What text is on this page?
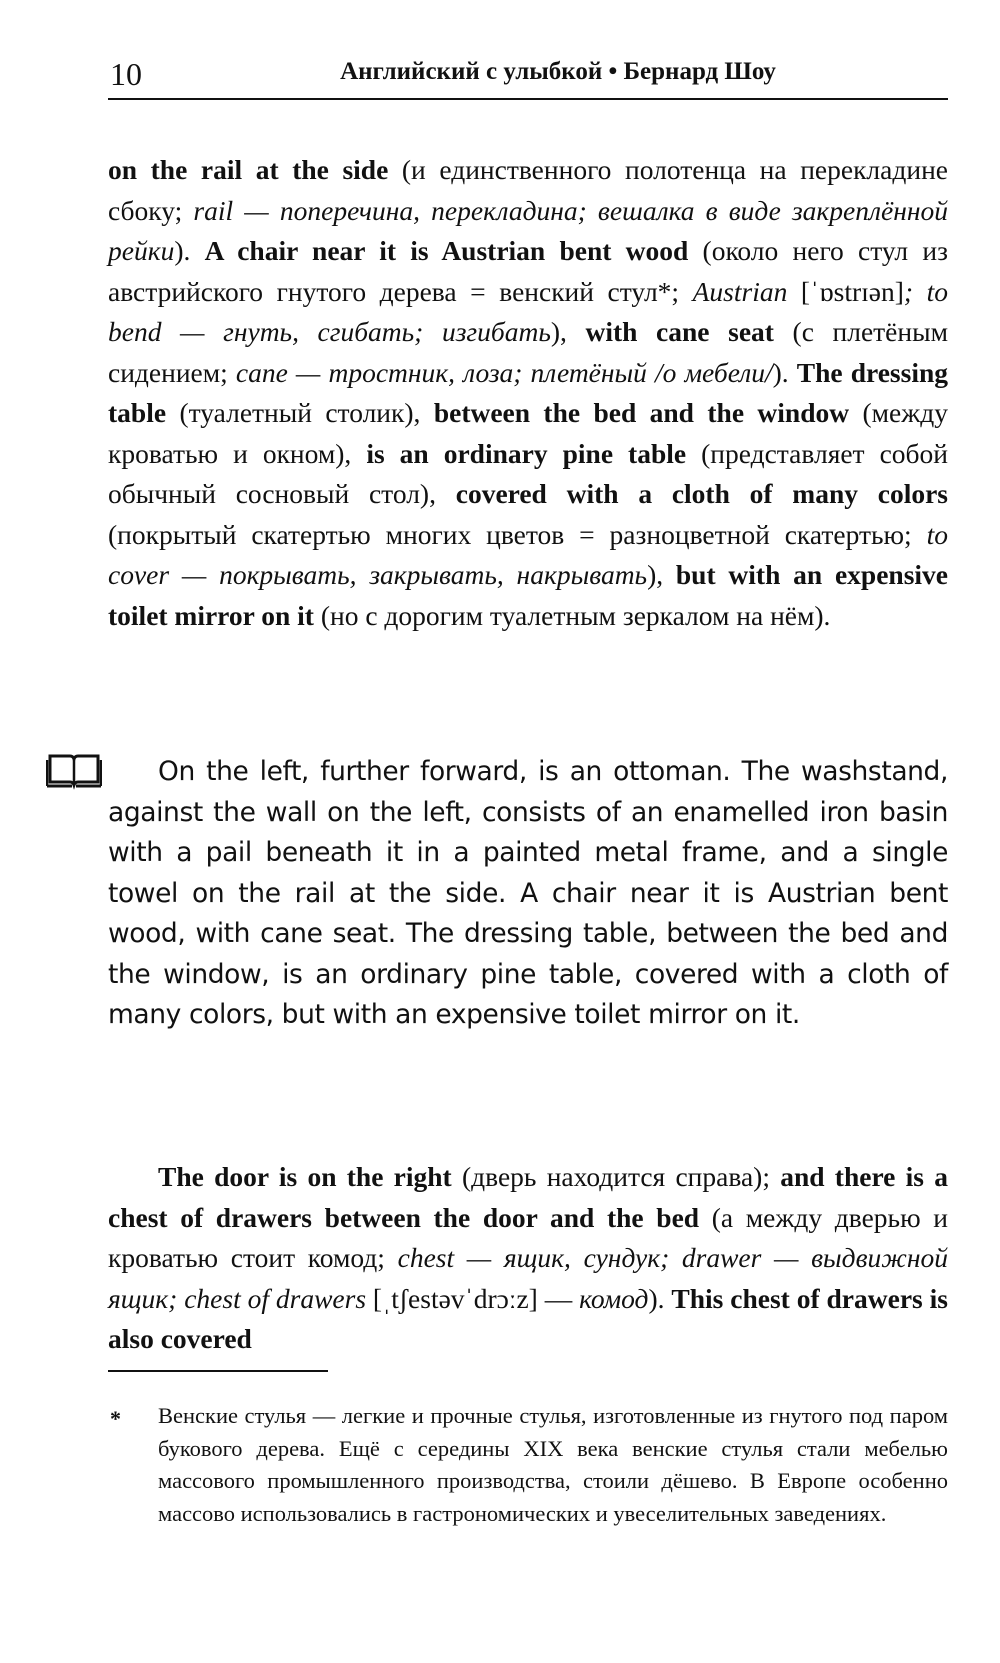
10	Английский с улыбкой • Бернард Шоу

on the rail at the side (и единственного полотенца на перекладине сбоку; rail — поперечина, перекладина; вешалка в виде закреплённой рейки). A chair near it is Austrian bent wood (около него стул из австрийского гнутого дерева = венский стул*; Austrian [ˈɒstrɪən]; to bend — гнуть, сгибать; изгибать), with cane seat (с плетёным сидением; cane — тростник, лоза; плетёный /о мебели/). The dressing table (туалетный столик), between the bed and the window (между кроватью и окном), is an ordinary pine table (представляет собой обычный сосновый стол), covered with a cloth of many colors (покрытый скатертью многих цветов = разноцветной скатертью; to cover — покрывать, закрывать, накрывать), but with an expensive toilet mirror on it (но с дорогим туалетным зеркалом на нём).

On the left, further forward, is an ottoman. The washstand, against the wall on the left, consists of an enamelled iron basin with a pail beneath it in a painted metal frame, and a single towel on the rail at the side. A chair near it is Austrian bent wood, with cane seat. The dressing table, between the bed and the window, is an ordinary pine table, covered with a cloth of many colors, but with an expensive toilet mirror on it.

The door is on the right (дверь находится справа); and there is a chest of drawers between the door and the bed (а между дверью и кроватью стоит комод; chest — ящик, сундук; drawer — выдвижной ящик; chest of drawers [ˌtʃestəvˈdrɔːz] — комод). This chest of drawers is also covered

* Венские стулья — легкие и прочные стулья, изготовленные из гнутого под паром букового дерева. Ещё с середины XIX века венские стулья стали мебелью массового промышленного производства, стоили дёшево. В Европе особенно массово использовались в гастрономических и увеселительных заведениях.
